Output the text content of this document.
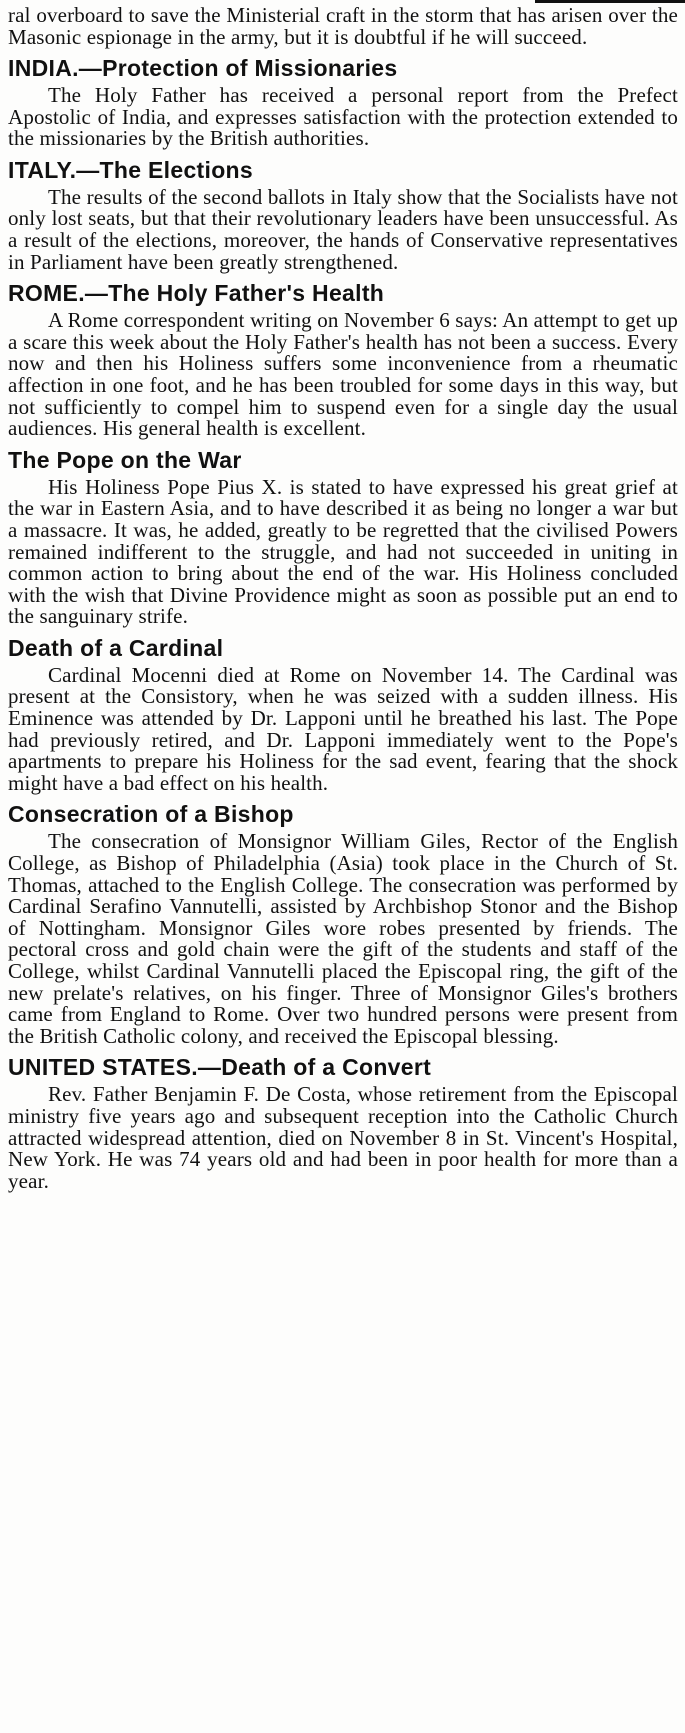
ral overboard to save the Ministerial craft in the storm that has arisen over the Masonic espionage in the army, but it is doubtful if he will succeed.

INDIA.—Protection of Missionaries

The Holy Father has received a personal report from the Prefect Apostolic of India, and expresses satisfaction with the protection extended to the missionaries by the British authorities.

ITALY.—The Elections

The results of the second ballots in Italy show that the Socialists have not only lost seats, but that their revolutionary leaders have been unsuccessful. As a result of the elections, moreover, the hands of Conservative representatives in Parliament have been greatly strengthened.

ROME.—The Holy Father's Health

A Rome correspondent writing on November 6 says: An attempt to get up a scare this week about the Holy Father's health has not been a success. Every now and then his Holiness suffers some inconvenience from a rheumatic affection in one foot, and he has been troubled for some days in this way, but not sufficiently to compel him to suspend even for a single day the usual audiences. His general health is excellent.

The Pope on the War

His Holiness Pope Pius X. is stated to have expressed his great grief at the war in Eastern Asia, and to have described it as being no longer a war but a massacre. It was, he added, greatly to be regretted that the civilised Powers remained indifferent to the struggle, and had not succeeded in uniting in common action to bring about the end of the war. His Holiness concluded with the wish that Divine Providence might as soon as possible put an end to the sanguinary strife.

Death of a Cardinal

Cardinal Mocenni died at Rome on November 14. The Cardinal was present at the Consistory, when he was seized with a sudden illness. His Eminence was attended by Dr. Lapponi until he breathed his last. The Pope had previously retired, and Dr. Lapponi immediately went to the Pope's apartments to prepare his Holiness for the sad event, fearing that the shock might have a bad effect on his health.

Consecration of a Bishop

The consecration of Monsignor William Giles, Rector of the English College, as Bishop of Philadelphia (Asia) took place in the Church of St. Thomas, attached to the English College. The consecration was performed by Cardinal Serafino Vannutelli, assisted by Archbishop Stonor and the Bishop of Nottingham. Monsignor Giles wore robes presented by friends. The pectoral cross and gold chain were the gift of the students and staff of the College, whilst Cardinal Vannutelli placed the Episcopal ring, the gift of the new prelate's relatives, on his finger. Three of Monsignor Giles's brothers came from England to Rome. Over two hundred persons were present from the British Catholic colony, and received the Episcopal blessing.

UNITED STATES.—Death of a Convert

Rev. Father Benjamin F. De Costa, whose retirement from the Episcopal ministry five years ago and subsequent reception into the Catholic Church attracted widespread attention, died on November 8 in St. Vincent's Hospital, New York. He was 74 years old and had been in poor health for more than a year.
